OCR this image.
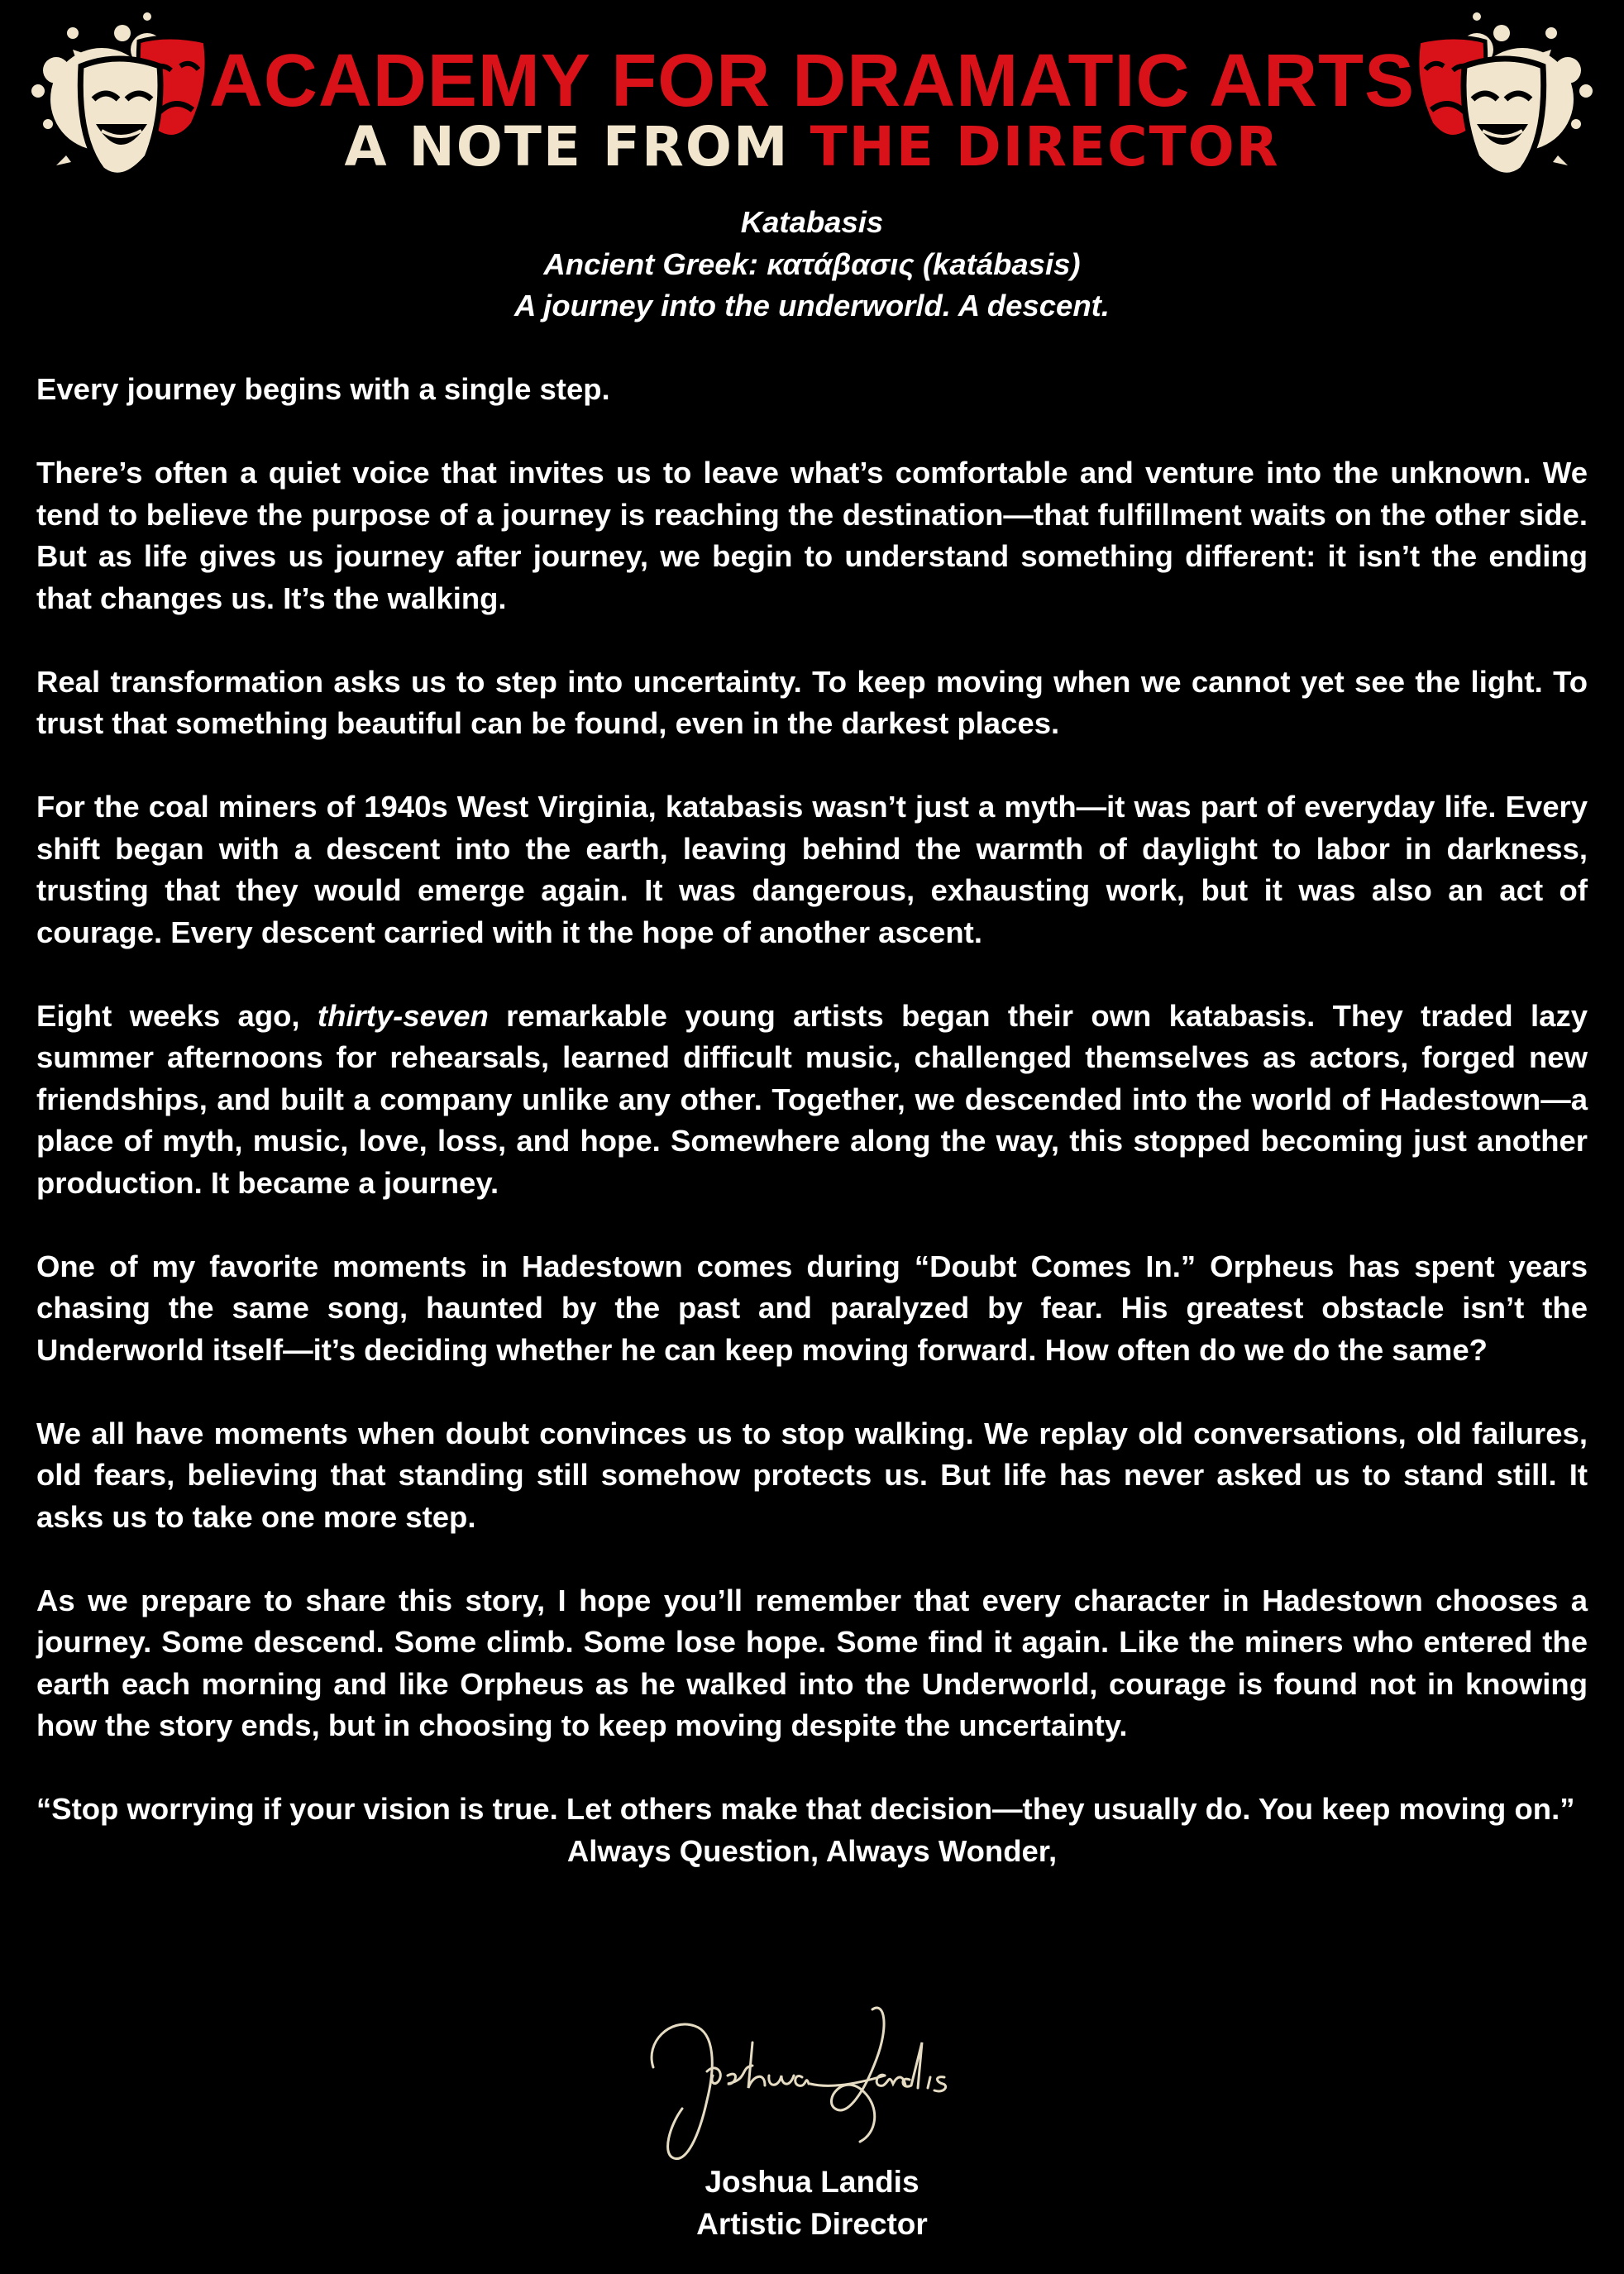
ACADEMY FOR DRAMATIC ARTS
A NOTE FROM THE DIRECTOR
Katabasis
Ancient Greek: κατάβασις (katábasis)
A journey into the underworld. A descent.

Every journey begins with a single step.

There’s often a quiet voice that invites us to leave what’s comfortable and venture into the unknown. We tend to believe the purpose of a journey is reaching the destination—that fulfillment waits on the other side. But as life gives us journey after journey, we begin to understand something different: it isn’t the ending that changes us. It’s the walking.

Real transformation asks us to step into uncertainty. To keep moving when we cannot yet see the light. To trust that something beautiful can be found, even in the darkest places.

For the coal miners of 1940s West Virginia, katabasis wasn’t just a myth—it was part of everyday life. Every shift began with a descent into the earth, leaving behind the warmth of daylight to labor in darkness, trusting that they would emerge again. It was dangerous, exhausting work, but it was also an act of courage. Every descent carried with it the hope of another ascent.

Eight weeks ago, thirty-seven remarkable young artists began their own katabasis. They traded lazy summer afternoons for rehearsals, learned difficult music, challenged themselves as actors, forged new friendships, and built a company unlike any other. Together, we descended into the world of Hadestown—a place of myth, music, love, loss, and hope. Somewhere along the way, this stopped becoming just another production. It became a journey.

One of my favorite moments in Hadestown comes during “Doubt Comes In.” Orpheus has spent years chasing the same song, haunted by the past and paralyzed by fear. His greatest obstacle isn’t the Underworld itself—it’s deciding whether he can keep moving forward. How often do we do the same?

We all have moments when doubt convinces us to stop walking. We replay old conversations, old failures, old fears, believing that standing still somehow protects us. But life has never asked us to stand still. It asks us to take one more step.

As we prepare to share this story, I hope you’ll remember that every character in Hadestown chooses a journey. Some descend. Some climb. Some lose hope. Some find it again. Like the miners who entered the earth each morning and like Orpheus as he walked into the Underworld, courage is found not in knowing how the story ends, but in choosing to keep moving despite the uncertainty.

“Stop worrying if your vision is true. Let others make that decision—they usually do. You keep moving on.”

Always Question, Always Wonder,
Joshua Landis
Artistic Director
